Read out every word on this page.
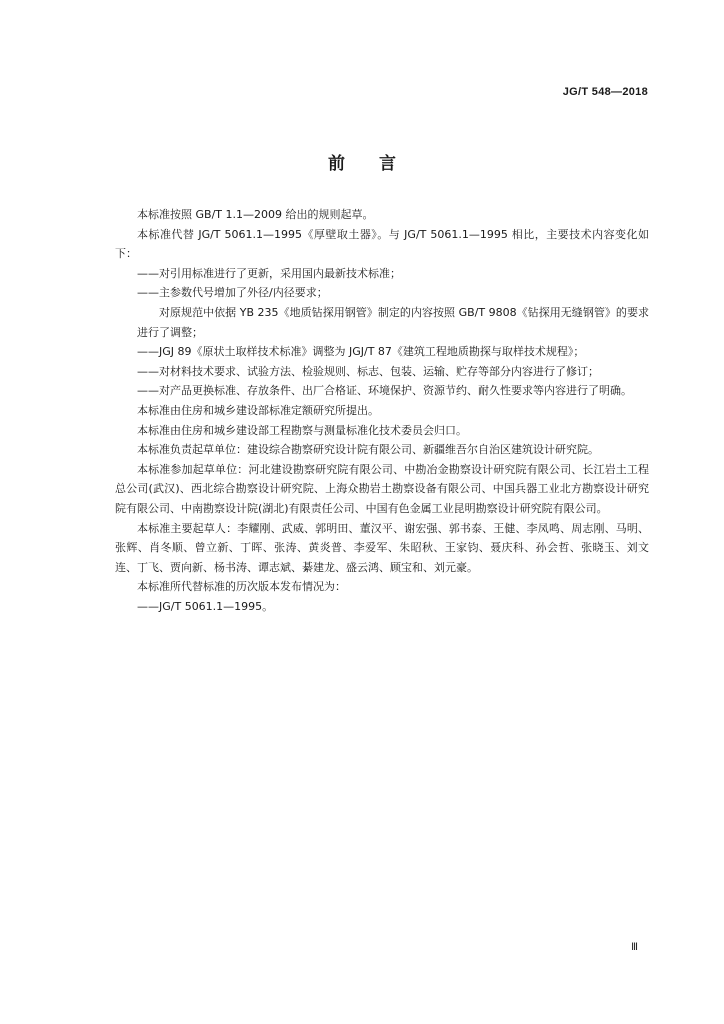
JG/T 548—2018
前言

本标准按照 GB/T 1.1—2009 给出的规则起草。

本标准代替 JG/T 5061.1—1995《厚壁取土器》。与 JG/T 5061.1—1995 相比，主要技术内容变化如下：

——对引用标准进行了更新，采用国内最新技术标准；

——主参数代号增加了外径/内径要求；

对原规范中依据 YB 235《地质钻探用钢管》制定的内容按照 GB/T 9808《钻探用无缝钢管》的要求进行了调整；

——JGJ 89《原状土取样技术标准》调整为 JGJ/T 87《建筑工程地质勘探与取样技术规程》；

——对材料技术要求、试验方法、检验规则、标志、包装、运输、贮存等部分内容进行了修订；

——对产品更换标准、存放条件、出厂合格证、环境保护、资源节约、耐久性要求等内容进行了明确。

本标准由住房和城乡建设部标准定额研究所提出。

本标准由住房和城乡建设部工程勘察与测量标准化技术委员会归口。

本标准负责起草单位：建设综合勘察研究设计院有限公司、新疆维吾尔自治区建筑设计研究院。

本标准参加起草单位：河北建设勘察研究院有限公司、中勘冶金勘察设计研究院有限公司、长江岩土工程总公司(武汉)、西北综合勘察设计研究院、上海众勘岩土勘察设备有限公司、中国兵器工业北方勘察设计研究院有限公司、中南勘察设计院(湖北)有限责任公司、中国有色金属工业昆明勘察设计研究院有限公司。

本标准主要起草人：李耀刚、武威、郭明田、董汉平、谢宏强、郭书泰、王健、李凤鸣、周志刚、马明、张辉、肖冬顺、曾立新、丁晖、张涛、黄炎普、李爱军、朱昭秋、王家钧、聂庆科、孙会哲、张晓玉、刘文连、丁飞、贾向新、杨书涛、谭志斌、綦建龙、盛云鸿、顾宝和、刘元豪。

本标准所代替标准的历次版本发布情况为：

——JG/T 5061.1—1995。

Ⅲ
